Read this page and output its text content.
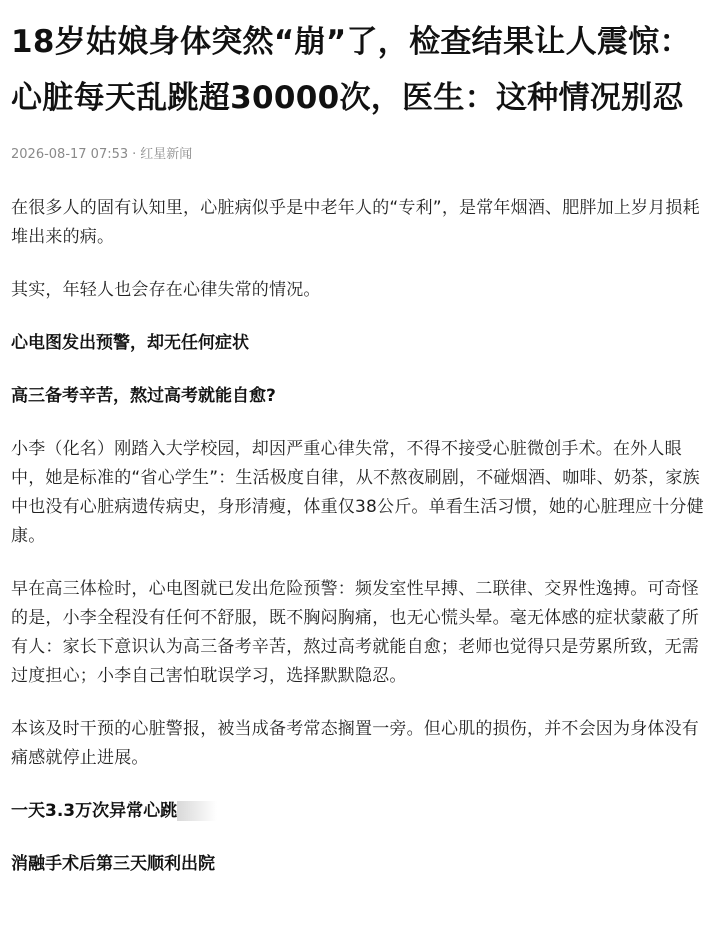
18岁姑娘身体突然“崩”了，检查结果让人震惊：心脏每天乱跳超30000次，医生：这种情况别忍
2026-08-17 07:53 · 红星新闻

在很多人的固有认知里，心脏病似乎是中老年人的“专利”，是常年烟酒、肥胖加上岁月损耗堆出来的病。

其实，年轻人也会存在心律失常的情况。

心电图发出预警，却无任何症状

高三备考辛苦，熬过高考就能自愈?

小李（化名）刚踏入大学校园，却因严重心律失常，不得不接受心脏微创手术。在外人眼中，她是标准的“省心学生”：生活极度自律，从不熬夜刷剧，不碰烟酒、咖啡、奶茶，家族中也没有心脏病遗传病史，身形清瘦，体重仅38公斤。单看生活习惯，她的心脏理应十分健康。

早在高三体检时，心电图就已发出危险预警：频发室性早搏、二联律、交界性逸搏。可奇怪的是，小李全程没有任何不舒服，既不胸闷胸痛，也无心慌头晕。毫无体感的症状蒙蔽了所有人：家长下意识认为高三备考辛苦，熬过高考就能自愈；老师也觉得只是劳累所致，无需过度担心；小李自己害怕耽误学习，选择默默隐忍。

本该及时干预的心脏警报，被当成备考常态搁置一旁。但心肌的损伤，并不会因为身体没有痛感就停止进展。

一天3.3万次异常心跳

消融手术后第三天顺利出院
